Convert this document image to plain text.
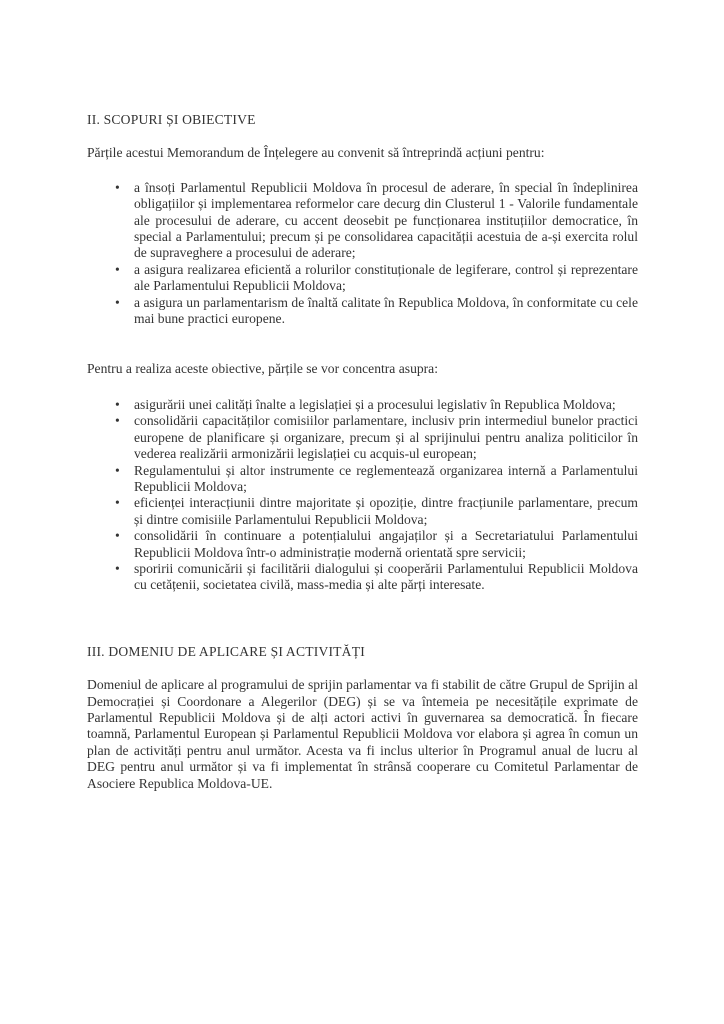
II. SCOPURI ȘI OBIECTIVE

Părțile acestui Memorandum de Înțelegere au convenit să întreprindă acțiuni pentru:

• a însoți Parlamentul Republicii Moldova în procesul de aderare, în special în îndeplinirea obligațiilor și implementarea reformelor care decurg din Clusterul 1 - Valorile fundamentale ale procesului de aderare, cu accent deosebit pe funcționarea instituțiilor democratice, în special a Parlamentului; precum și pe consolidarea capacității acestuia de a-și exercita rolul de supraveghere a procesului de aderare;
• a asigura realizarea eficientă a rolurilor constituționale de legiferare, control și reprezentare ale Parlamentului Republicii Moldova;
• a asigura un parlamentarism de înaltă calitate în Republica Moldova, în conformitate cu cele mai bune practici europene.

Pentru a realiza aceste obiective, părțile se vor concentra asupra:

• asigurării unei calități înalte a legislației și a procesului legislativ în Republica Moldova;
• consolidării capacităților comisiilor parlamentare, inclusiv prin intermediul bunelor practici europene de planificare și organizare, precum și al sprijinului pentru analiza politicilor în vederea realizării armonizării legislației cu acquis-ul european;
• Regulamentului și altor instrumente ce reglementează organizarea internă a Parlamentului Republicii Moldova;
• eficienței interacțiunii dintre majoritate și opoziție, dintre fracțiunile parlamentare, precum și dintre comisiile Parlamentului Republicii Moldova;
• consolidării în continuare a potențialului angajaților și a Secretariatului Parlamentului Republicii Moldova într-o administrație modernă orientată spre servicii;
• sporirii comunicării și facilitării dialogului și cooperării Parlamentului Republicii Moldova cu cetățenii, societatea civilă, mass-media și alte părți interesate.
III. DOMENIU DE APLICARE ȘI ACTIVITĂȚI

Domeniul de aplicare al programului de sprijin parlamentar va fi stabilit de către Grupul de Sprijin al Democrației și Coordonare a Alegerilor (DEG) și se va întemeia pe necesitățile exprimate de Parlamentul Republicii Moldova și de alți actori activi în guvernarea sa democratică. În fiecare toamnă, Parlamentul European și Parlamentul Republicii Moldova vor elabora și agrea în comun un plan de activități pentru anul următor. Acesta va fi inclus ulterior în Programul anual de lucru al DEG pentru anul următor și va fi implementat în strânsă cooperare cu Comitetul Parlamentar de Asociere Republica Moldova-UE.
